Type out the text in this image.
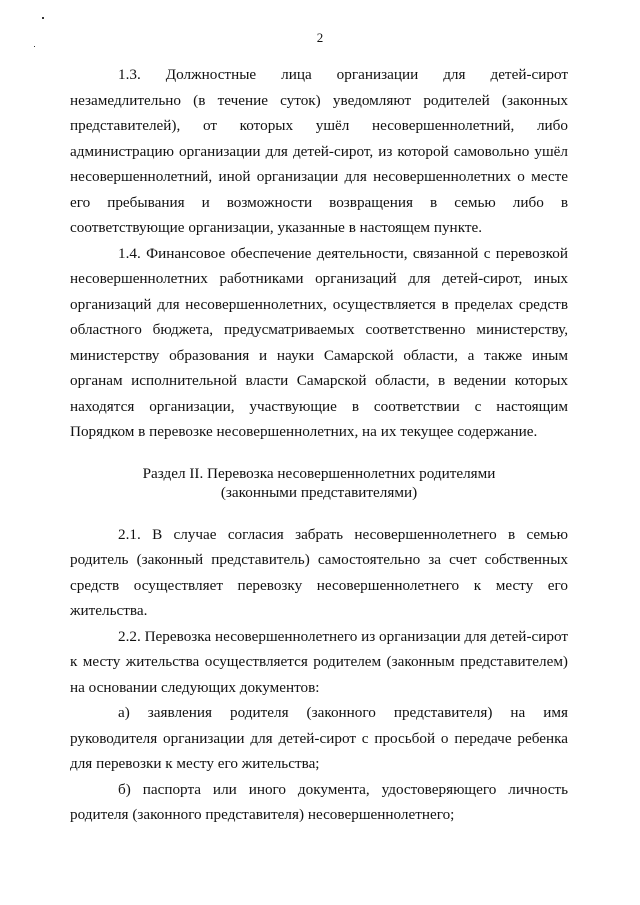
2

1.3. Должностные лица организации для детей-сирот незамедлительно (в течение суток) уведомляют родителей (законных представителей), от которых ушёл несовершеннолетний, либо администрацию организации для детей-сирот, из которой самовольно ушёл несовершеннолетний, иной организации для несовершеннолетних о месте его пребывания и возможности возвращения в семью либо в соответствующие организации, указанные в настоящем пункте.

1.4. Финансовое обеспечение деятельности, связанной с перевозкой несовершеннолетних работниками организаций для детей-сирот, иных организаций для несовершеннолетних, осуществляется в пределах средств областного бюджета, предусматриваемых соответственно министерству, министерству образования и науки Самарской области, а также иным органам исполнительной власти Самарской области, в ведении которых находятся организации, участвующие в соответствии с настоящим Порядком в перевозке несовершеннолетних, на их текущее содержание.

Раздел II. Перевозка несовершеннолетних родителями
(законными представителями)

2.1. В случае согласия забрать несовершеннолетнего в семью родитель (законный представитель) самостоятельно за счет собственных средств осуществляет перевозку несовершеннолетнего к месту его жительства.

2.2. Перевозка несовершеннолетнего из организации для детей-сирот к месту жительства осуществляется родителем (законным представителем) на основании следующих документов:

а) заявления родителя (законного представителя) на имя руководителя организации для детей-сирот с просьбой о передаче ребенка для перевозки к месту его жительства;

б) паспорта или иного документа, удостоверяющего личность родителя (законного представителя) несовершеннолетнего;
